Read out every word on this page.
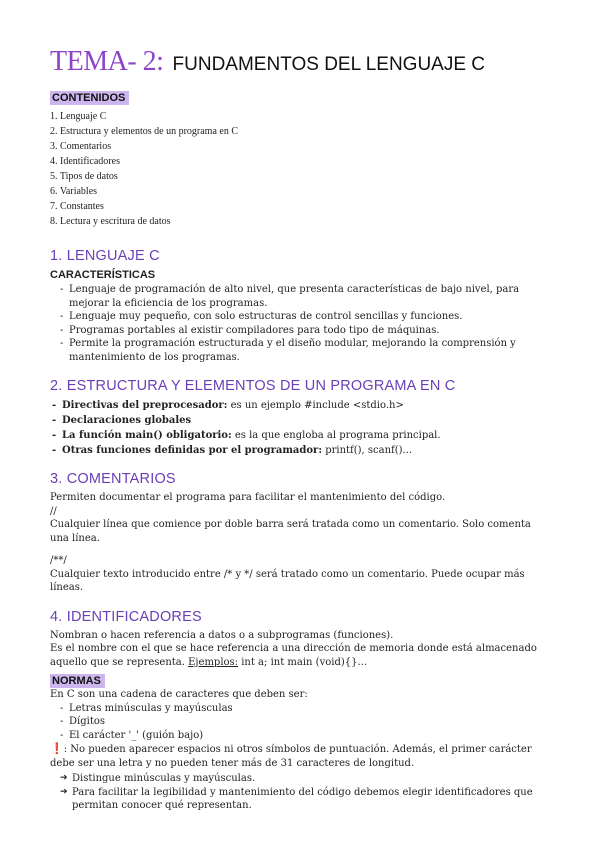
TEMA- 2: FUNDAMENTOS DEL LENGUAJE C
CONTENIDOS
1. Lenguaje C
2. Estructura y elementos de un programa en C
3. Comentarios
4. Identificadores
5. Tipos de datos
6. Variables
7. Constantes
8. Lectura y escritura de datos
1. LENGUAJE C
CARACTERÍSTICAS
- Lenguaje de programación de alto nivel, que presenta características de bajo nivel, para mejorar la eficiencia de los programas.
- Lenguaje muy pequeño, con solo estructuras de control sencillas y funciones.
- Programas portables al existir compiladores para todo tipo de máquinas.
- Permite la programación estructurada y el diseño modular, mejorando la comprensión y mantenimiento de los programas.
2. ESTRUCTURA Y ELEMENTOS DE UN PROGRAMA EN C
- Directivas del preprocesador: es un ejemplo #include <stdio.h>
- Declaraciones globales
- La función main() obligatorio: es la que engloba al programa principal.
- Otras funciones definidas por el programador: printf(), scanf()...
3. COMENTARIOS

Permiten documentar el programa para facilitar el mantenimiento del código.

//

Cualquier línea que comience por doble barra será tratada como un comentario. Solo comenta una línea.

/**/

Cualquier texto introducido entre /* y */ será tratado como un comentario. Puede ocupar más líneas.

4. IDENTIFICADORES

Nombran o hacen referencia a datos o a subprogramas (funciones).

Es el nombre con el que se hace referencia a una dirección de memoria donde está almacenado aquello que se representa. Ejemplos: int a; int main (void){}...

NORMAS

En C son una cadena de caracteres que deben ser:

- Letras minúsculas y mayúsculas
- Dígitos
- El carácter '_' (guión bajo)

❗: No pueden aparecer espacios ni otros símbolos de puntuación. Además, el primer carácter debe ser una letra y no pueden tener más de 31 caracteres de longitud.

➔ Distingue minúsculas y mayúsculas.
➔ Para facilitar la legibilidad y mantenimiento del código debemos elegir identificadores que permitan conocer qué representan.
